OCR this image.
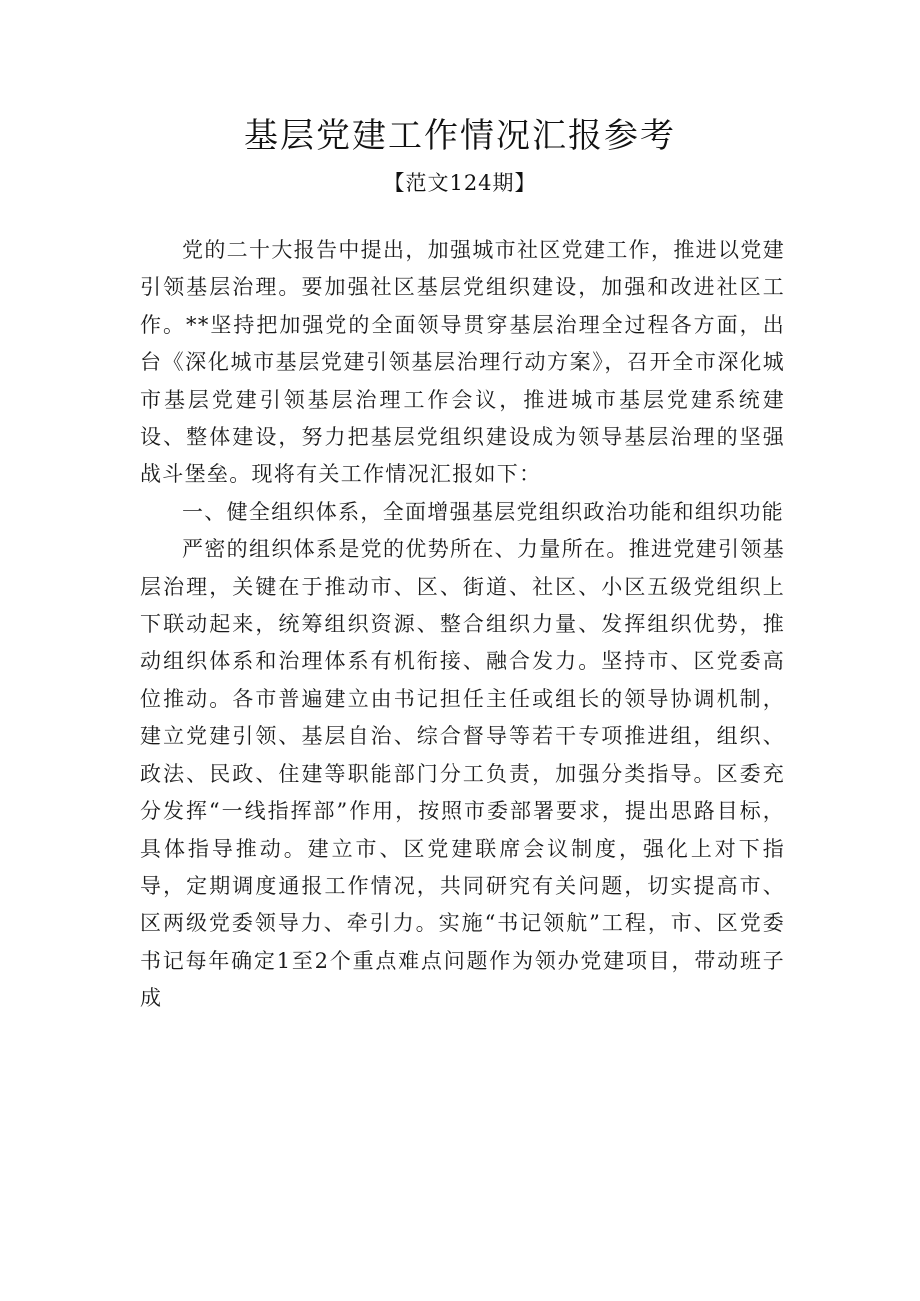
基层党建工作情况汇报参考
【范文124期】

党的二十大报告中提出，加强城市社区党建工作，推进以党建引领基层治理。要加强社区基层党组织建设，加强和改进社区工作。**坚持把加强党的全面领导贯穿基层治理全过程各方面，出台《深化城市基层党建引领基层治理行动方案》，召开全市深化城市基层党建引领基层治理工作会议，推进城市基层党建系统建设、整体建设，努力把基层党组织建设成为领导基层治理的坚强战斗堡垒。现将有关工作情况汇报如下：

一、健全组织体系，全面增强基层党组织政治功能和组织功能

严密的组织体系是党的优势所在、力量所在。推进党建引领基层治理，关键在于推动市、区、街道、社区、小区五级党组织上下联动起来，统筹组织资源、整合组织力量、发挥组织优势，推动组织体系和治理体系有机衔接、融合发力。坚持市、区党委高位推动。各市普遍建立由书记担任主任或组长的领导协调机制，建立党建引领、基层自治、综合督导等若干专项推进组，组织、政法、民政、住建等职能部门分工负责，加强分类指导。区委充分发挥“一线指挥部”作用，按照市委部署要求，提出思路目标，具体指导推动。建立市、区党建联席会议制度，强化上对下指导，定期调度通报工作情况，共同研究有关问题，切实提高市、区两级党委领导力、牵引力。实施“书记领航”工程，市、区党委书记每年确定1至2个重点难点问题作为领办党建项目，带动班子成
